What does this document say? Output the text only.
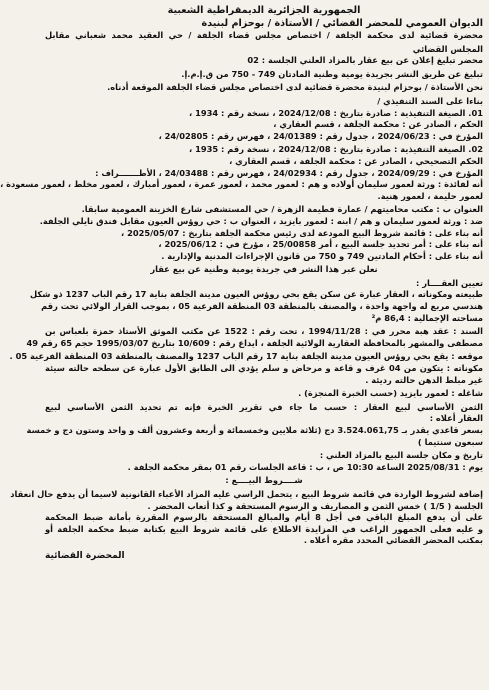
الجمهورية الجزائرية الديمقراطية الشعبية
الديوان العمومي للمحضر القضائي / الأستاذة / بوحزام لبنيدة
محضرة قضائية لدى محكمة الجلفة / اختصاص مجلس قضاء الجلفة / حي العقيد محمد شعباني مقابل
المجلس القضائي
محضر تبليغ إعلان عن بيع عقار بالمزاد العلني الجلسة : 02
تبليغ عن طريق النشر بجريدة يومية وطنية المادتان 749 - 750 من ق.إ.م.إ.
نحن الأستاذة / بوحزام لبنيدة محضرة قضائية لدى اختصاص مجلس قضاء الجلفة الموقعة أدناه.
بناءا على السند التنفيذي /
01. الصيغة التنفيذية : صادرة بتاريخ : 2024/12/08 ، نسخة رقم : 1934 ،
الحكم ، الصادر عن : محكمة الجلفة ، قسم العقاري ،
المؤرخ في : 2024/06/23 ، جدول رقم : 24/01389 ، فهرس رقم : 24/02805 ،
02. الصيغة التنفيذية : صادرة بتاريخ : 2024/12/08 ، نسخة رقم : 1935 ،
الحكم التصحيحي ، الصادر عن : محكمة الجلفة ، قسم العقاري ،
المؤرخ في : 2024/09/29 ، جدول رقم : 24/02934 ، فهرس رقم : 24/03488 ، الأطـــــــراف :
أنه لفائدة : ورثة لعمور سليمان أولاده و هم : لعمور محمد ، لعمور عمرة ، لعمور أمبارك ، لعمور مخلط ، لعمور مسعودة ،
لعمور حليمة ، لعمور هنية.
العنوان ب : مكتب محاميتهم / عمارة فطيمة الزهرة / حي المستشفى شارع الخزينة العمومية سابقا.
ضد : ورثة لعمور سليمان و هم / ابنه : لعمور بايزيد ، العنوان ب : حي روؤس العيون مقابل فندق نايلي الجلفة.
أنه بناء على : قائمة شروط البيع المودعة لدى رئيس محكمة الجلفة بتاريخ : 2025/05/07 ،
أنه بناء على : أمر تحديد جلسة البيع ، أمر 25/00858 ، مؤرخ في : 2025/06/12 ،
أنه بناء على : أحكام المادتين 749 و 750 من قانون الإجراءات المدنية والإدارية .
نعلن عبر هذا النشر في جريدة يومية وطنية عن بيع عقار
تعيين العقــــار :
طبيعته ومكوناته ، العقار عبارة عن سكن يقع بحي روؤس العيون مدينة الجلفة بناية 17 رقم الباب 1237 ذو شكل
هندسي مربع له واجهة واحدة ، والمصنف بالمنطقة 03 المنطقة الفرعية 05 ، بموجب القرار الولائي تحت رقم
مساحته الإجمالية : 86,4 م²
السند : عقد هبة محرر في : 1994/11/28 ، تحت رقم : 1522 عن مكتب الموثق الأستاذ حمزة بلعباس بن
مصطفى والمشهر بالمحافظة العقارية الولائية الجلفة ، ايداع رقم : 10/609 بتاريخ 1995/03/07 حجم 65 رقم 49
موقعه : يقع بحي روؤس العيون مدينة الجلفة بناية 17 رقم الباب 1237 والمصنف بالمنطقة 03 المنطقة الفرعية 05 .
مكوناته : يتكون من 04 غرف و قاعة و مرحاض و سلم يؤدي الى الطابق الأول عبارة عن سطحه حالته سيئة
غير مبلط الدهن حالته رديئة .
شاغله : لعمور بايزيد (حسب الخبرة المنجزة) .
الثمن الأساسي لبيع العقار : حسب ما جاء في تقرير الخبرة فإنه تم تحديد الثمن الأساسي لبيع
العقار أعلاه :
بسعر قاعدي يقدر بـ 3.524.061,75 دج (ثلاثة ملايين وخمسمائة و أربعة وعشرون ألف و واحد وستون دج و خمسة
سبعون سنتيما )
تاريخ و مكان جلسة البيع بالمزاد العلني :
يوم : 2025/08/31 الساعة 10:30 ص ، ب : قاعة الجلسات رقم 01 بمقر محكمة الجلفة .
شــــروط البيــــع :
إضافة لشروط الواردة في قائمة شروط البيع ، يتحمل الراسي عليه المزاد الأعباء القانونية لاسيما أن يدفع حال انعقاد
الجلسة ( 1/5 ) خمس الثمن و المصاريف و الرسوم المستحقة و كذا أتعاب المحضر .
على أن يدفع المبلغ الباقي في أجل 8 أيام والمبالغ المستحقة بالرسوم المقررة بأمانة ضبط المحكمة
و عليه فعلى الجمهور الراغب في المزايدة الاطلاع على قائمة شروط البيع بكتابة ضبط محكمة الجلفة أو
بمكتب المحضر القضائي المحدد مقره أعلاه .
المحضرة القضائية
